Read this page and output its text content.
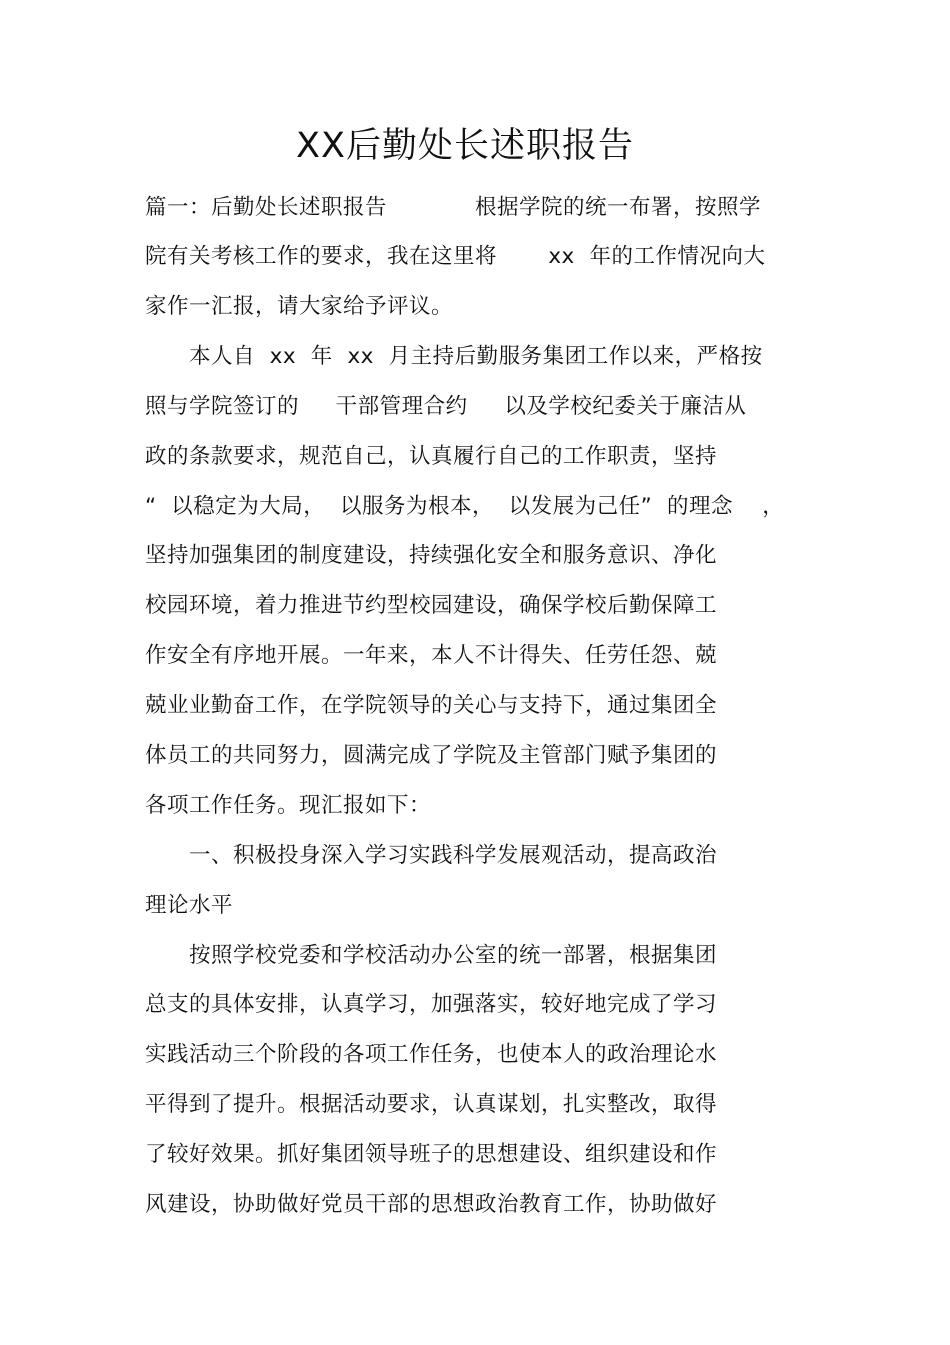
XX后勤处长述职报告
篇一：后勤处长述职报告　　　　根据学院的统一布署，按照学
院有关考核工作的要求，我在这里将　　 xx  年的工作情况向大
家作一汇报，请大家给予评议。
　　本人自  xx  年  xx  月主持后勤服务集团工作以来，严格按
照与学院签订的　  干部管理合约　  以及学校纪委关于廉洁从
政的条款要求，规范自己，认真履行自己的工作职责，坚持
“  以稳定为大局，  以服务为根本，  以发展为己任”  的理念　 ，
坚持加强集团的制度建设，持续强化安全和服务意识、净化
校园环境，着力推进节约型校园建设，确保学校后勤保障工
作安全有序地开展。一年来，本人不计得失、任劳任怨、兢
兢业业勤奋工作，在学院领导的关心与支持下，通过集团全
体员工的共同努力，圆满完成了学院及主管部门赋予集团的
各项工作任务。现汇报如下：
　　一、积极投身深入学习实践科学发展观活动，提高政治
理论水平
　　按照学校党委和学校活动办公室的统一部署，根据集团
总支的具体安排，认真学习，加强落实，较好地完成了学习
实践活动三个阶段的各项工作任务，也使本人的政治理论水
平得到了提升。根据活动要求，认真谋划，扎实整改，取得
了较好效果。抓好集团领导班子的思想建设、组织建设和作
风建设，协助做好党员干部的思想政治教育工作，协助做好
